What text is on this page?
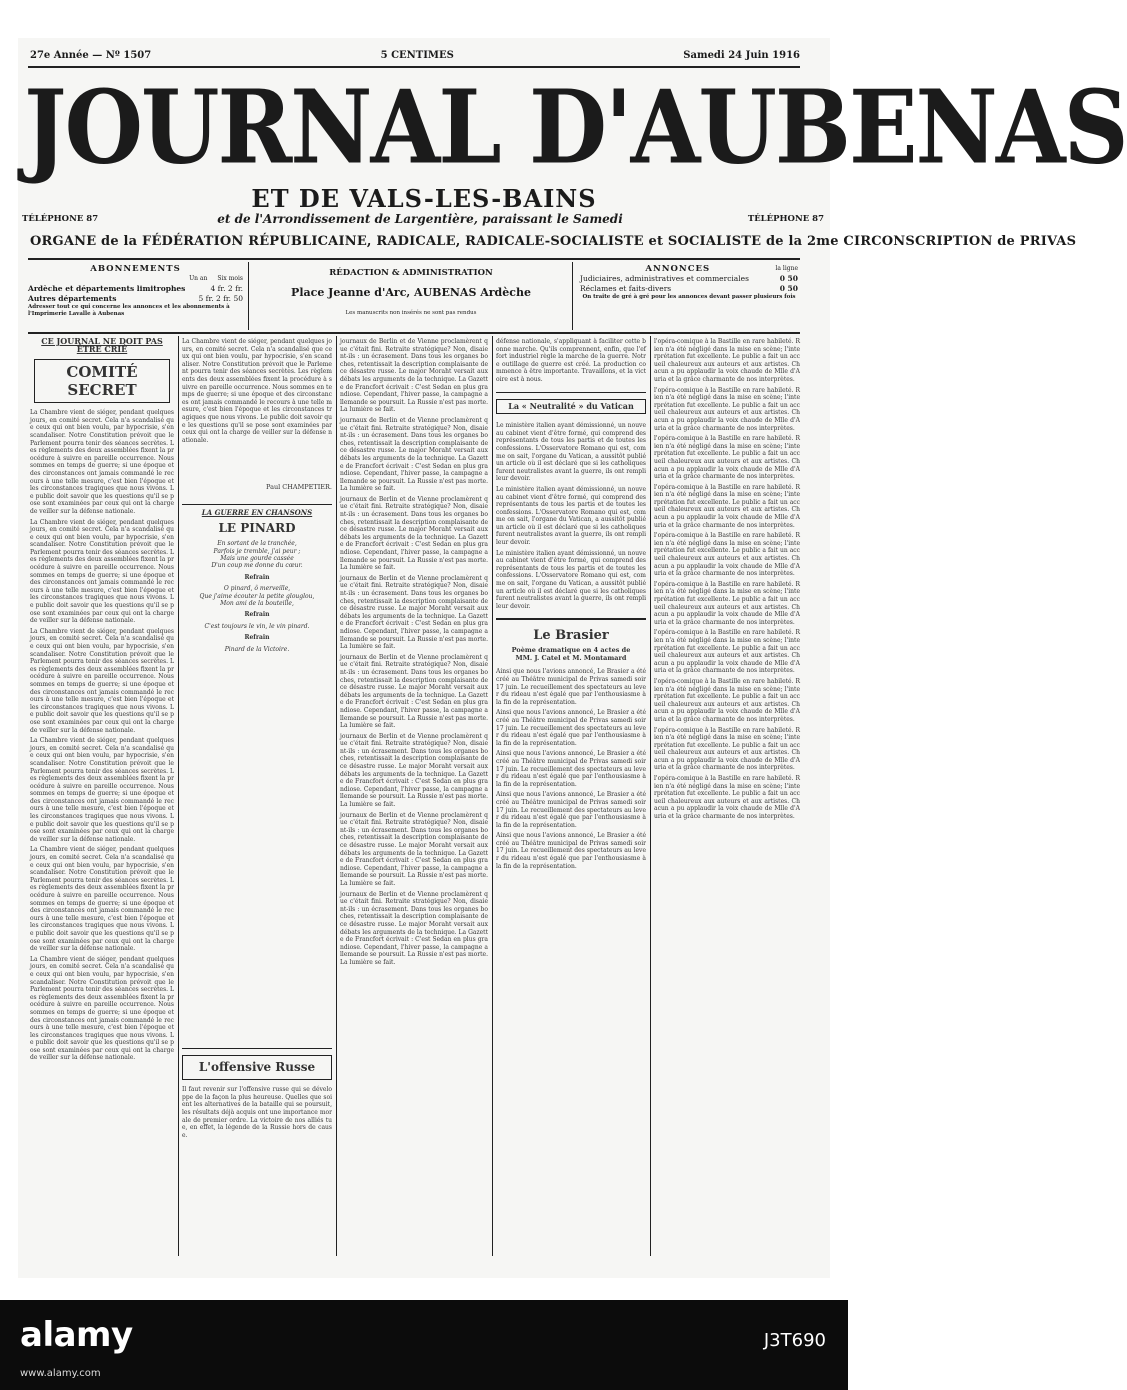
27e Année — Nº 1507	5 CENTIMES	Samedi 24 Juin 1916
JOURNAL D'AUBENAS
ET DE VALS-LES-BAINS
TÉLÉPHONE 87	TÉLÉPHONE 87
et de l'Arrondissement de Largentière, paraissant le Samedi
ORGANE de la FÉDÉRATION RÉPUBLICAINE, RADICALE, RADICALE-SOCIALISTE et SOCIALISTE de la 2me CIRCONSCRIPTION de PRIVAS
ABONNEMENTS
Un an Six mois
Ardèche et départements limitrophes	4 fr. 2 fr.
Autres départements	5 fr. 2 fr. 50
Adresser tout ce qui concerne les annonces et les abonnements à l'Imprimerie Lavalle à Aubenas
RÉDACTION & ADMINISTRATION
Place Jeanne d'Arc, AUBENAS Ardèche
Les manuscrits non insérés ne sont pas rendus
ANNONCES	la ligne
Judiciaires, administratives et commerciales	0 50
Réclames et faits-divers	0 50
On traite de gré à gré pour les annonces devant passer plusieurs fois
CE JOURNAL NE DOIT PAS ÊTRE CRIÉ
COMITÉ SECRET
La Chambre vient de siéger, pendant quelques jours, en comité secret. Cela n'a scandalisé que ceux qui ont bien voulu, par hypocrisie, s'en scandaliser. Notre Constitution prévoit que le Parlement pourra tenir des séances secrètes. Les règlements des deux assemblées fixent la procédure à suivre en pareille occurrence. Nous sommes en temps de guerre; si une époque et des circonstances ont jamais commandé le recours à une telle mesure, c'est bien l'époque et les circonstances tragiques que nous vivons. Le public doit savoir que les questions qu'il se pose sont examinées par ceux qui ont la charge de veiller sur la défense nationale.
La Chambre vient de siéger, pendant quelques jours, en comité secret. Cela n'a scandalisé que ceux qui ont bien voulu, par hypocrisie, s'en scandaliser. Notre Constitution prévoit que le Parlement pourra tenir des séances secrètes. Les règlements des deux assemblées fixent la procédure à suivre en pareille occurrence. Nous sommes en temps de guerre; si une époque et des circonstances ont jamais commandé le recours à une telle mesure, c'est bien l'époque et les circonstances tragiques que nous vivons. Le public doit savoir que les questions qu'il se pose sont examinées par ceux qui ont la charge de veiller sur la défense nationale.
La Chambre vient de siéger, pendant quelques jours, en comité secret. Cela n'a scandalisé que ceux qui ont bien voulu, par hypocrisie, s'en scandaliser. Notre Constitution prévoit que le Parlement pourra tenir des séances secrètes. Les règlements des deux assemblées fixent la procédure à suivre en pareille occurrence. Nous sommes en temps de guerre; si une époque et des circonstances ont jamais commandé le recours à une telle mesure, c'est bien l'époque et les circonstances tragiques que nous vivons. Le public doit savoir que les questions qu'il se pose sont examinées par ceux qui ont la charge de veiller sur la défense nationale.
La Chambre vient de siéger, pendant quelques jours, en comité secret. Cela n'a scandalisé que ceux qui ont bien voulu, par hypocrisie, s'en scandaliser. Notre Constitution prévoit que le Parlement pourra tenir des séances secrètes. Les règlements des deux assemblées fixent la procédure à suivre en pareille occurrence. Nous sommes en temps de guerre; si une époque et des circonstances ont jamais commandé le recours à une telle mesure, c'est bien l'époque et les circonstances tragiques que nous vivons. Le public doit savoir que les questions qu'il se pose sont examinées par ceux qui ont la charge de veiller sur la défense nationale.
La Chambre vient de siéger, pendant quelques jours, en comité secret. Cela n'a scandalisé que ceux qui ont bien voulu, par hypocrisie, s'en scandaliser. Notre Constitution prévoit que le Parlement pourra tenir des séances secrètes. Les règlements des deux assemblées fixent la procédure à suivre en pareille occurrence. Nous sommes en temps de guerre; si une époque et des circonstances ont jamais commandé le recours à une telle mesure, c'est bien l'époque et les circonstances tragiques que nous vivons. Le public doit savoir que les questions qu'il se pose sont examinées par ceux qui ont la charge de veiller sur la défense nationale.
La Chambre vient de siéger, pendant quelques jours, en comité secret. Cela n'a scandalisé que ceux qui ont bien voulu, par hypocrisie, s'en scandaliser. Notre Constitution prévoit que le Parlement pourra tenir des séances secrètes. Les règlements des deux assemblées fixent la procédure à suivre en pareille occurrence. Nous sommes en temps de guerre; si une époque et des circonstances ont jamais commandé le recours à une telle mesure, c'est bien l'époque et les circonstances tragiques que nous vivons. Le public doit savoir que les questions qu'il se pose sont examinées par ceux qui ont la charge de veiller sur la défense nationale.
La Chambre vient de siéger, pendant quelques jours, en comité secret. Cela n'a scandalisé que ceux qui ont bien voulu, par hypocrisie, s'en scandaliser. Notre Constitution prévoit que le Parlement pourra tenir des séances secrètes. Les règlements des deux assemblées fixent la procédure à suivre en pareille occurrence. Nous sommes en temps de guerre; si une époque et des circonstances ont jamais commandé le recours à une telle mesure, c'est bien l'époque et les circonstances tragiques que nous vivons. Le public doit savoir que les questions qu'il se pose sont examinées par ceux qui ont la charge de veiller sur la défense nationale.
Paul CHAMPETIER.
LA GUERRE EN CHANSONS
LE PINARD
En sortant de la tranchée,
Parfois je tremble, j'ai peur ;
Mais une gourde cassée
D'un coup me donne du cœur.
Refrain
O pinard, ô merveille,
Que j'aime écouter la petite glouglou,
Mon ami de la bouteille,
Refrain
C'est toujours le vin, le vin pinard.
Refrain
Pinard de la Victoire.
L'offensive Russe
Il faut revenir sur l'offensive russe qui se développe de la façon la plus heureuse. Quelles que soient les alternatives de la bataille qui se poursuit, les résultats déjà acquis ont une importance morale de premier ordre. La victoire de nos alliés tue, en effet, la légende de la Russie hors de cause.
journaux de Berlin et de Vienne proclamèrent que c'était fini. Retraite stratégique? Non, disaient-ils : un écrasement. Dans tous les organes boches, retentissait la description complaisante de ce désastre russe. Le major Moraht versait aux débats les arguments de la technique. La Gazette de Francfort écrivait : C'est Sedan en plus grandiose. Cependant, l'hiver passe, la campagne allemande se poursuit. La Russie n'est pas morte. La lumière se fait.
journaux de Berlin et de Vienne proclamèrent que c'était fini. Retraite stratégique? Non, disaient-ils : un écrasement. Dans tous les organes boches, retentissait la description complaisante de ce désastre russe. Le major Moraht versait aux débats les arguments de la technique. La Gazette de Francfort écrivait : C'est Sedan en plus grandiose. Cependant, l'hiver passe, la campagne allemande se poursuit. La Russie n'est pas morte. La lumière se fait.
journaux de Berlin et de Vienne proclamèrent que c'était fini. Retraite stratégique? Non, disaient-ils : un écrasement. Dans tous les organes boches, retentissait la description complaisante de ce désastre russe. Le major Moraht versait aux débats les arguments de la technique. La Gazette de Francfort écrivait : C'est Sedan en plus grandiose. Cependant, l'hiver passe, la campagne allemande se poursuit. La Russie n'est pas morte. La lumière se fait.
journaux de Berlin et de Vienne proclamèrent que c'était fini. Retraite stratégique? Non, disaient-ils : un écrasement. Dans tous les organes boches, retentissait la description complaisante de ce désastre russe. Le major Moraht versait aux débats les arguments de la technique. La Gazette de Francfort écrivait : C'est Sedan en plus grandiose. Cependant, l'hiver passe, la campagne allemande se poursuit. La Russie n'est pas morte. La lumière se fait.
journaux de Berlin et de Vienne proclamèrent que c'était fini. Retraite stratégique? Non, disaient-ils : un écrasement. Dans tous les organes boches, retentissait la description complaisante de ce désastre russe. Le major Moraht versait aux débats les arguments de la technique. La Gazette de Francfort écrivait : C'est Sedan en plus grandiose. Cependant, l'hiver passe, la campagne allemande se poursuit. La Russie n'est pas morte. La lumière se fait.
journaux de Berlin et de Vienne proclamèrent que c'était fini. Retraite stratégique? Non, disaient-ils : un écrasement. Dans tous les organes boches, retentissait la description complaisante de ce désastre russe. Le major Moraht versait aux débats les arguments de la technique. La Gazette de Francfort écrivait : C'est Sedan en plus grandiose. Cependant, l'hiver passe, la campagne allemande se poursuit. La Russie n'est pas morte. La lumière se fait.
journaux de Berlin et de Vienne proclamèrent que c'était fini. Retraite stratégique? Non, disaient-ils : un écrasement. Dans tous les organes boches, retentissait la description complaisante de ce désastre russe. Le major Moraht versait aux débats les arguments de la technique. La Gazette de Francfort écrivait : C'est Sedan en plus grandiose. Cependant, l'hiver passe, la campagne allemande se poursuit. La Russie n'est pas morte. La lumière se fait.
journaux de Berlin et de Vienne proclamèrent que c'était fini. Retraite stratégique? Non, disaient-ils : un écrasement. Dans tous les organes boches, retentissait la description complaisante de ce désastre russe. Le major Moraht versait aux débats les arguments de la technique. La Gazette de Francfort écrivait : C'est Sedan en plus grandiose. Cependant, l'hiver passe, la campagne allemande se poursuit. La Russie n'est pas morte. La lumière se fait.
défense nationale, s'appliquant à faciliter cette bonne marche. Qu'ils comprennent, enfin, que l'effort industriel règle la marche de la guerre. Notre outillage de guerre est créé. La production commence à être importante. Travaillons, et la victoire est à nous.
La « Neutralité » du Vatican
Le ministère italien ayant démissionné, un nouveau cabinet vient d'être formé, qui comprend des représentants de tous les partis et de toutes les confessions. L'Osservatore Romano qui est, comme on sait, l'organe du Vatican, a aussitôt publié un article où il est déclaré que si les catholiques furent neutralistes avant la guerre, ils ont rempli leur devoir.
Le ministère italien ayant démissionné, un nouveau cabinet vient d'être formé, qui comprend des représentants de tous les partis et de toutes les confessions. L'Osservatore Romano qui est, comme on sait, l'organe du Vatican, a aussitôt publié un article où il est déclaré que si les catholiques furent neutralistes avant la guerre, ils ont rempli leur devoir.
Le ministère italien ayant démissionné, un nouveau cabinet vient d'être formé, qui comprend des représentants de tous les partis et de toutes les confessions. L'Osservatore Romano qui est, comme on sait, l'organe du Vatican, a aussitôt publié un article où il est déclaré que si les catholiques furent neutralistes avant la guerre, ils ont rempli leur devoir.
Le Brasier
Poème dramatique en 4 actes de MM. J. Catel et M. Montamard
Ainsi que nous l'avions annoncé, Le Brasier a été créé au Théâtre municipal de Privas samedi soir 17 juin. Le recueillement des spectateurs au lever du rideau n'est égalé que par l'enthousiasme à la fin de la représentation.
Ainsi que nous l'avions annoncé, Le Brasier a été créé au Théâtre municipal de Privas samedi soir 17 juin. Le recueillement des spectateurs au lever du rideau n'est égalé que par l'enthousiasme à la fin de la représentation.
Ainsi que nous l'avions annoncé, Le Brasier a été créé au Théâtre municipal de Privas samedi soir 17 juin. Le recueillement des spectateurs au lever du rideau n'est égalé que par l'enthousiasme à la fin de la représentation.
Ainsi que nous l'avions annoncé, Le Brasier a été créé au Théâtre municipal de Privas samedi soir 17 juin. Le recueillement des spectateurs au lever du rideau n'est égalé que par l'enthousiasme à la fin de la représentation.
Ainsi que nous l'avions annoncé, Le Brasier a été créé au Théâtre municipal de Privas samedi soir 17 juin. Le recueillement des spectateurs au lever du rideau n'est égalé que par l'enthousiasme à la fin de la représentation.
l'opéra-comique à la Bastille en rare habileté. Rien n'a été négligé dans la mise en scène; l'interprétation fut excellente. Le public a fait un accueil chaleureux aux auteurs et aux artistes. Chacun a pu applaudir la voix chaude de Mlle d'Auria et la grâce charmante de nos interprètes.
l'opéra-comique à la Bastille en rare habileté. Rien n'a été négligé dans la mise en scène; l'interprétation fut excellente. Le public a fait un accueil chaleureux aux auteurs et aux artistes. Chacun a pu applaudir la voix chaude de Mlle d'Auria et la grâce charmante de nos interprètes.
l'opéra-comique à la Bastille en rare habileté. Rien n'a été négligé dans la mise en scène; l'interprétation fut excellente. Le public a fait un accueil chaleureux aux auteurs et aux artistes. Chacun a pu applaudir la voix chaude de Mlle d'Auria et la grâce charmante de nos interprètes.
l'opéra-comique à la Bastille en rare habileté. Rien n'a été négligé dans la mise en scène; l'interprétation fut excellente. Le public a fait un accueil chaleureux aux auteurs et aux artistes. Chacun a pu applaudir la voix chaude de Mlle d'Auria et la grâce charmante de nos interprètes.
l'opéra-comique à la Bastille en rare habileté. Rien n'a été négligé dans la mise en scène; l'interprétation fut excellente. Le public a fait un accueil chaleureux aux auteurs et aux artistes. Chacun a pu applaudir la voix chaude de Mlle d'Auria et la grâce charmante de nos interprètes.
l'opéra-comique à la Bastille en rare habileté. Rien n'a été négligé dans la mise en scène; l'interprétation fut excellente. Le public a fait un accueil chaleureux aux auteurs et aux artistes. Chacun a pu applaudir la voix chaude de Mlle d'Auria et la grâce charmante de nos interprètes.
l'opéra-comique à la Bastille en rare habileté. Rien n'a été négligé dans la mise en scène; l'interprétation fut excellente. Le public a fait un accueil chaleureux aux auteurs et aux artistes. Chacun a pu applaudir la voix chaude de Mlle d'Auria et la grâce charmante de nos interprètes.
l'opéra-comique à la Bastille en rare habileté. Rien n'a été négligé dans la mise en scène; l'interprétation fut excellente. Le public a fait un accueil chaleureux aux auteurs et aux artistes. Chacun a pu applaudir la voix chaude de Mlle d'Auria et la grâce charmante de nos interprètes.
l'opéra-comique à la Bastille en rare habileté. Rien n'a été négligé dans la mise en scène; l'interprétation fut excellente. Le public a fait un accueil chaleureux aux auteurs et aux artistes. Chacun a pu applaudir la voix chaude de Mlle d'Auria et la grâce charmante de nos interprètes.
l'opéra-comique à la Bastille en rare habileté. Rien n'a été négligé dans la mise en scène; l'interprétation fut excellente. Le public a fait un accueil chaleureux aux auteurs et aux artistes. Chacun a pu applaudir la voix chaude de Mlle d'Auria et la grâce charmante de nos interprètes.
alamy	J3T690
www.alamy.com
